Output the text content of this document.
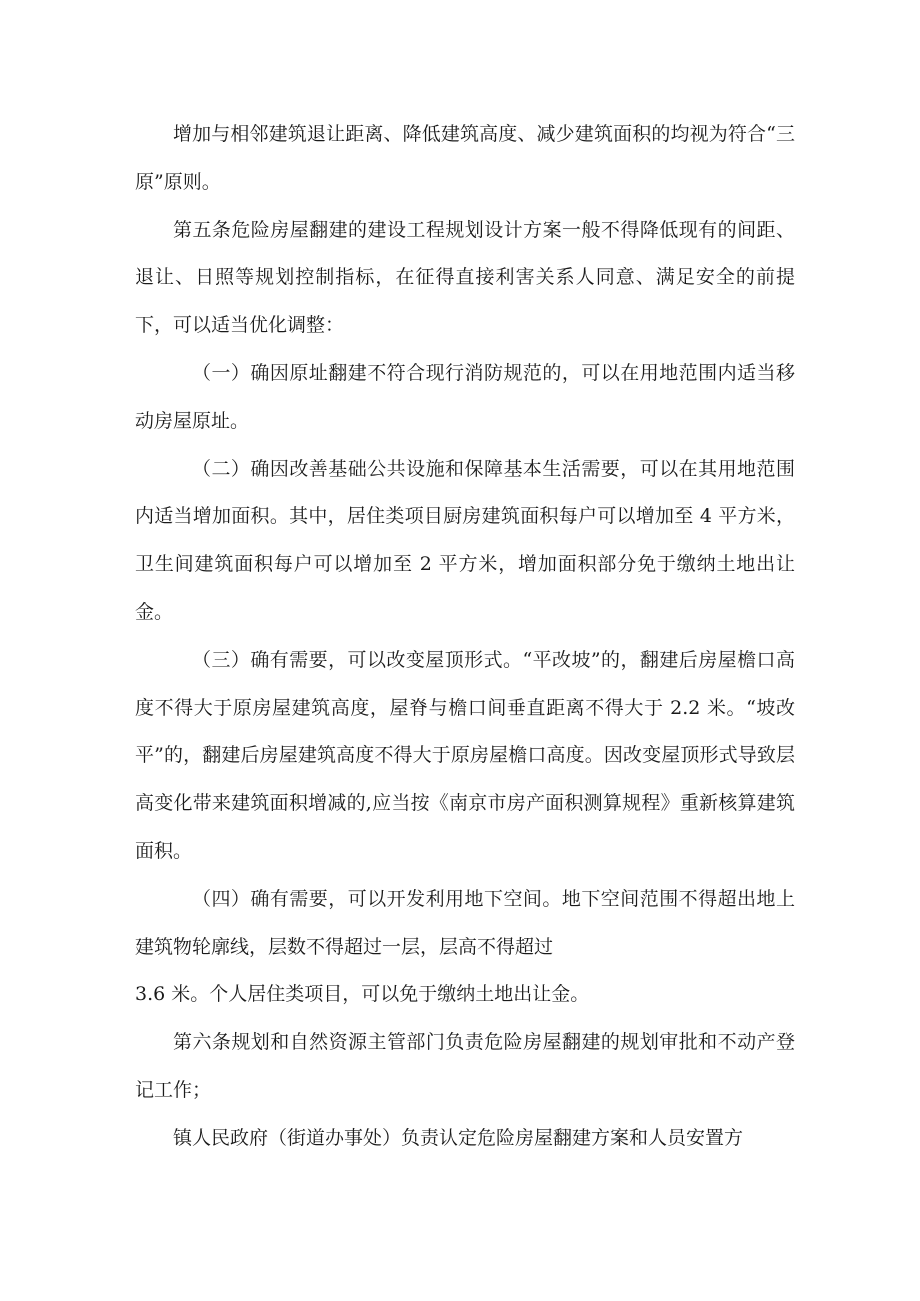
增加与相邻建筑退让距离、降低建筑高度、减少建筑面积的均视为符合“三原”原则。

第五条危险房屋翻建的建设工程规划设计方案一般不得降低现有的间距、退让、日照等规划控制指标，在征得直接利害关系人同意、满足安全的前提下，可以适当优化调整：

（一）确因原址翻建不符合现行消防规范的，可以在用地范围内适当移动房屋原址。

（二）确因改善基础公共设施和保障基本生活需要，可以在其用地范围内适当增加面积。其中，居住类项目厨房建筑面积每户可以增加至 4 平方米，卫生间建筑面积每户可以增加至 2 平方米，增加面积部分免于缴纳土地出让金。

（三）确有需要，可以改变屋顶形式。“平改坡”的，翻建后房屋檐口高度不得大于原房屋建筑高度，屋脊与檐口间垂直距离不得大于 2.2 米。“坡改平”的，翻建后房屋建筑高度不得大于原房屋檐口高度。因改变屋顶形式导致层高变化带来建筑面积增减的,应当按《南京市房产面积测算规程》重新核算建筑面积。

（四）确有需要，可以开发利用地下空间。地下空间范围不得超出地上建筑物轮廓线，层数不得超过一层，层高不得超过

3.6 米。个人居住类项目，可以免于缴纳土地出让金。

第六条规划和自然资源主管部门负责危险房屋翻建的规划审批和不动产登记工作；

镇人民政府（街道办事处）负责认定危险房屋翻建方案和人员安置方
